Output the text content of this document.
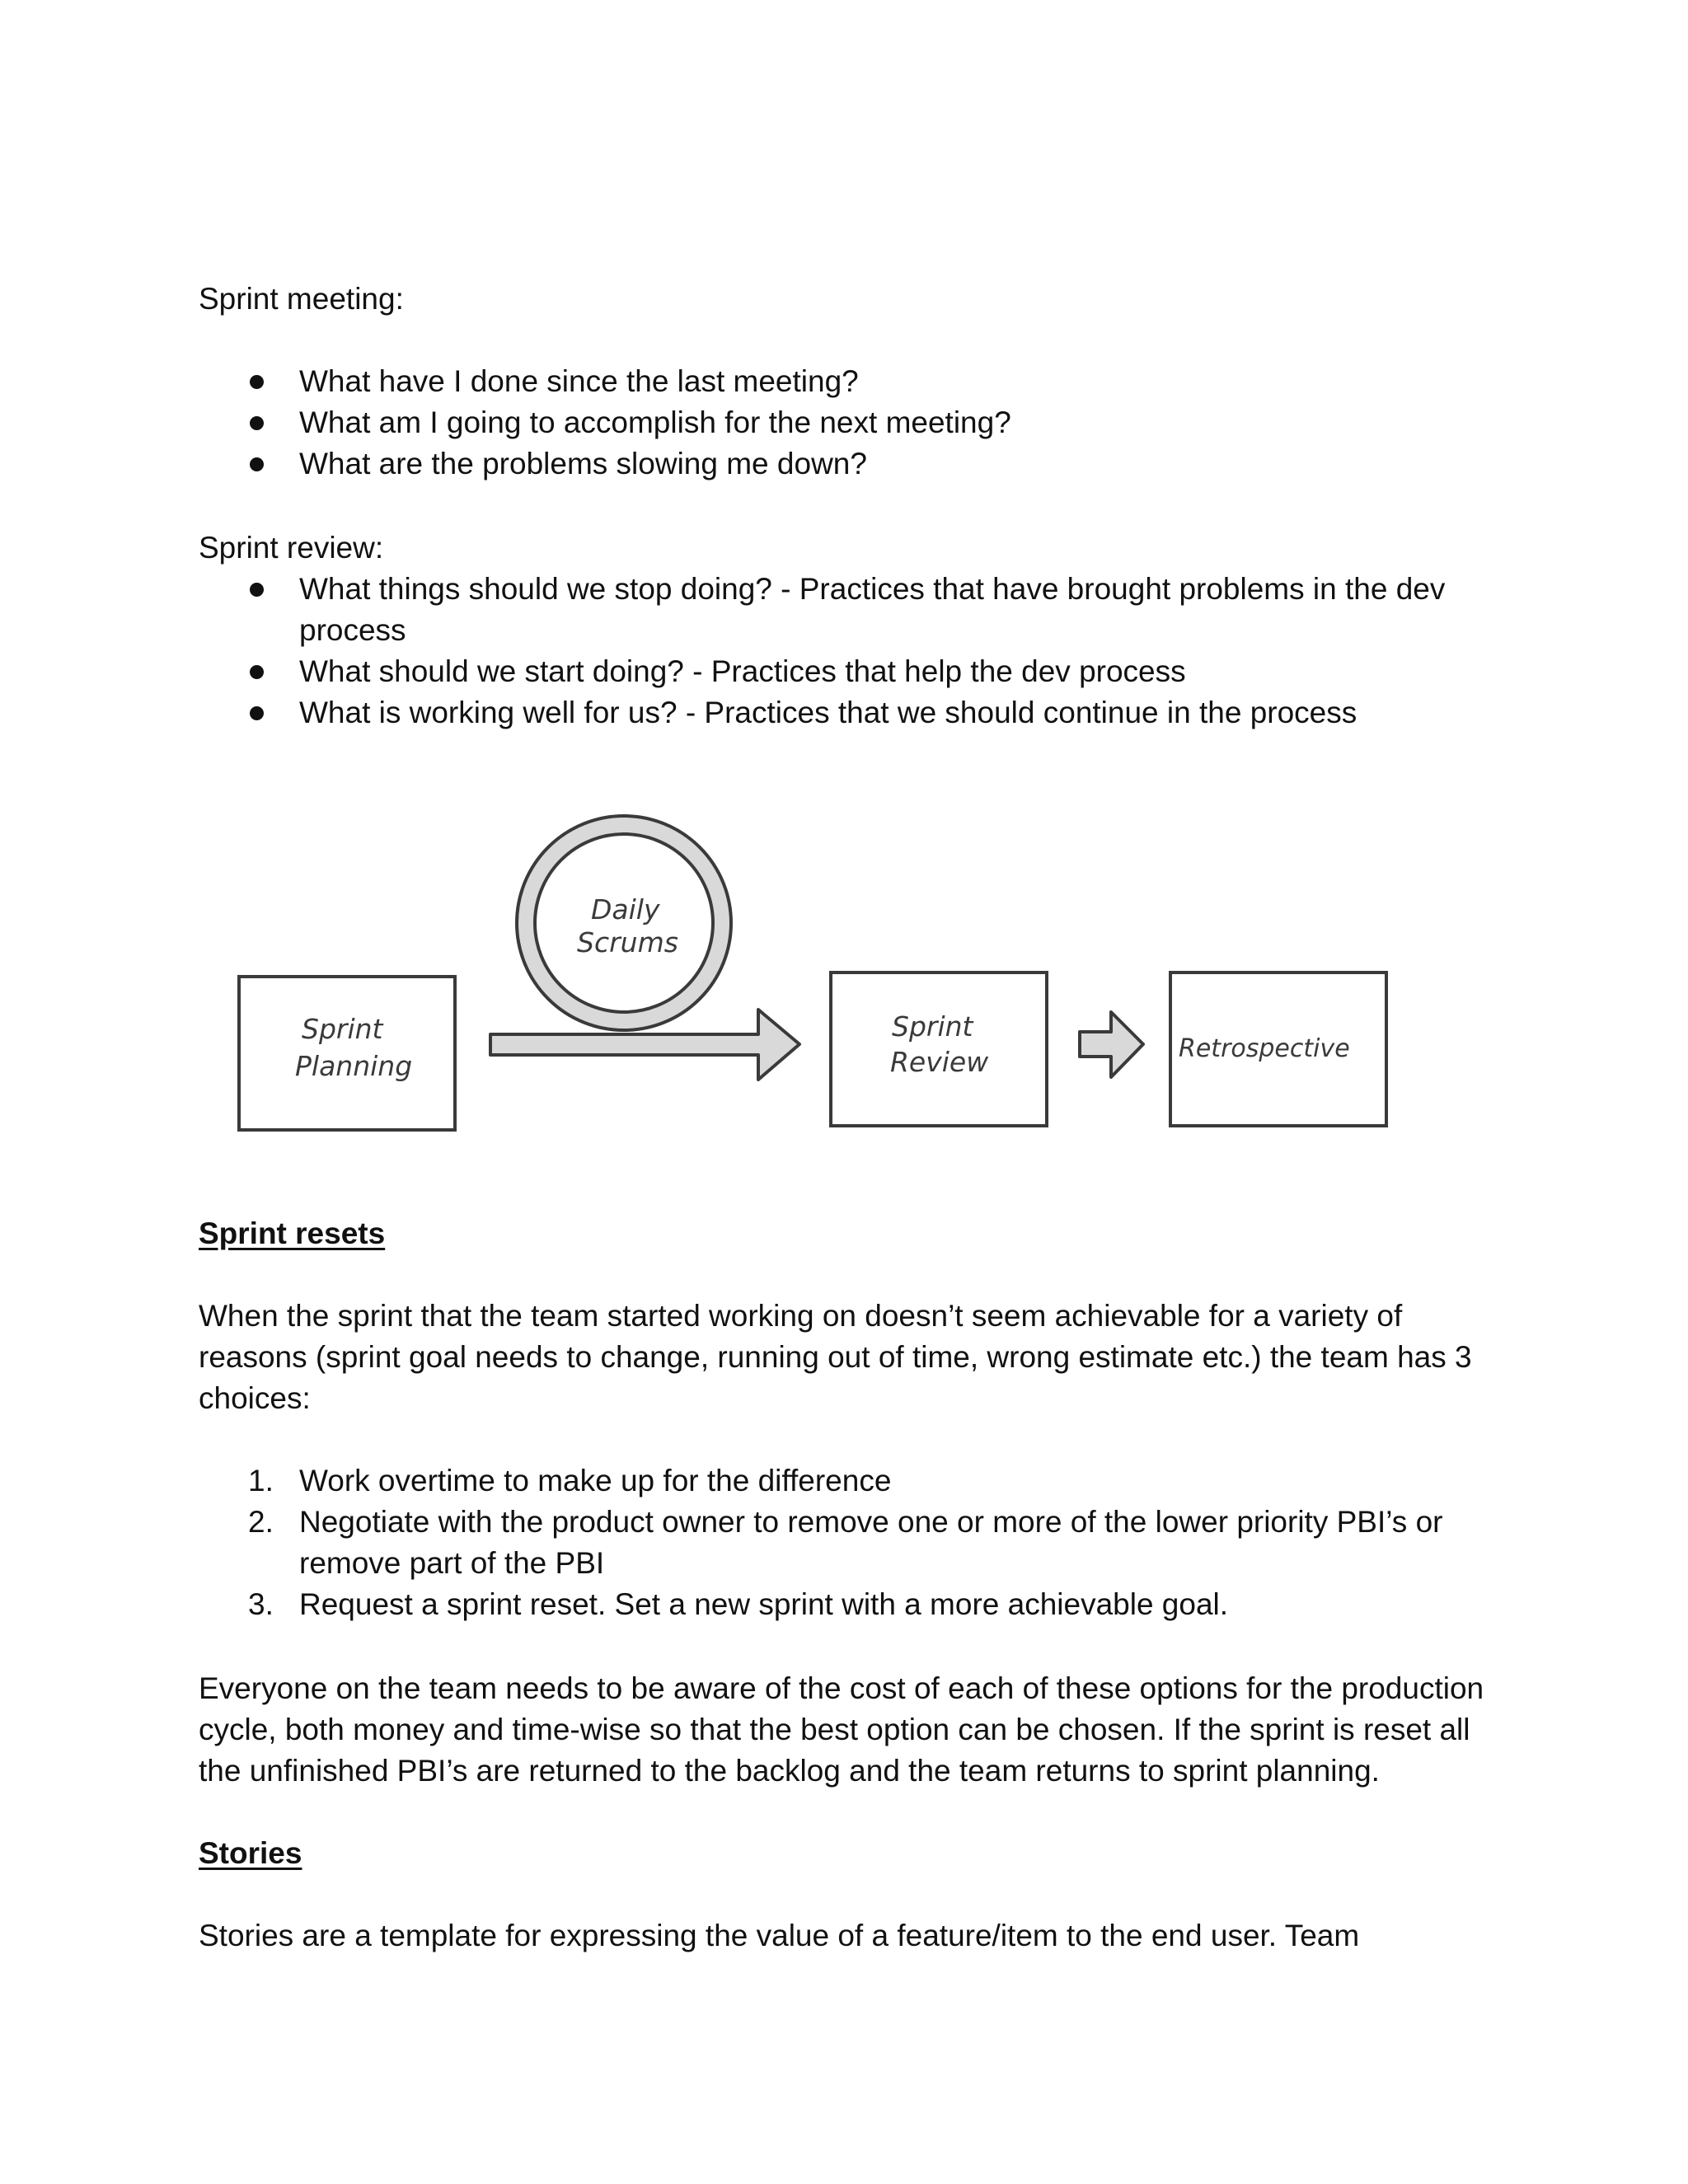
Sprint meeting:

What have I done since the last meeting?
What am I going to accomplish for the next meeting?
What are the problems slowing me down?

Sprint review:

What things should we stop doing? - Practices that have brought problems in the dev
process
What should we start doing? - Practices that help the dev process
What is working well for us? - Practices that we should continue in the process
Sprint
Planning
Daily
Scrums
Sprint
Review	Retrospective

Sprint resets

When the sprint that the team started working on doesn’t seem achievable for a variety of

reasons (sprint goal needs to change, running out of time, wrong estimate etc.) the team has 3

choices:

1. Work overtime to make up for the difference
2. Negotiate with the product owner to remove one or more of the lower priority PBI’s or
remove part of the PBI
3. Request a sprint reset. Set a new sprint with a more achievable goal.

Everyone on the team needs to be aware of the cost of each of these options for the production

cycle, both money and time-wise so that the best option can be chosen. If the sprint is reset all

the unfinished PBI’s are returned to the backlog and the team returns to sprint planning.

Stories

Stories are a template for expressing the value of a feature/item to the end user. Team
